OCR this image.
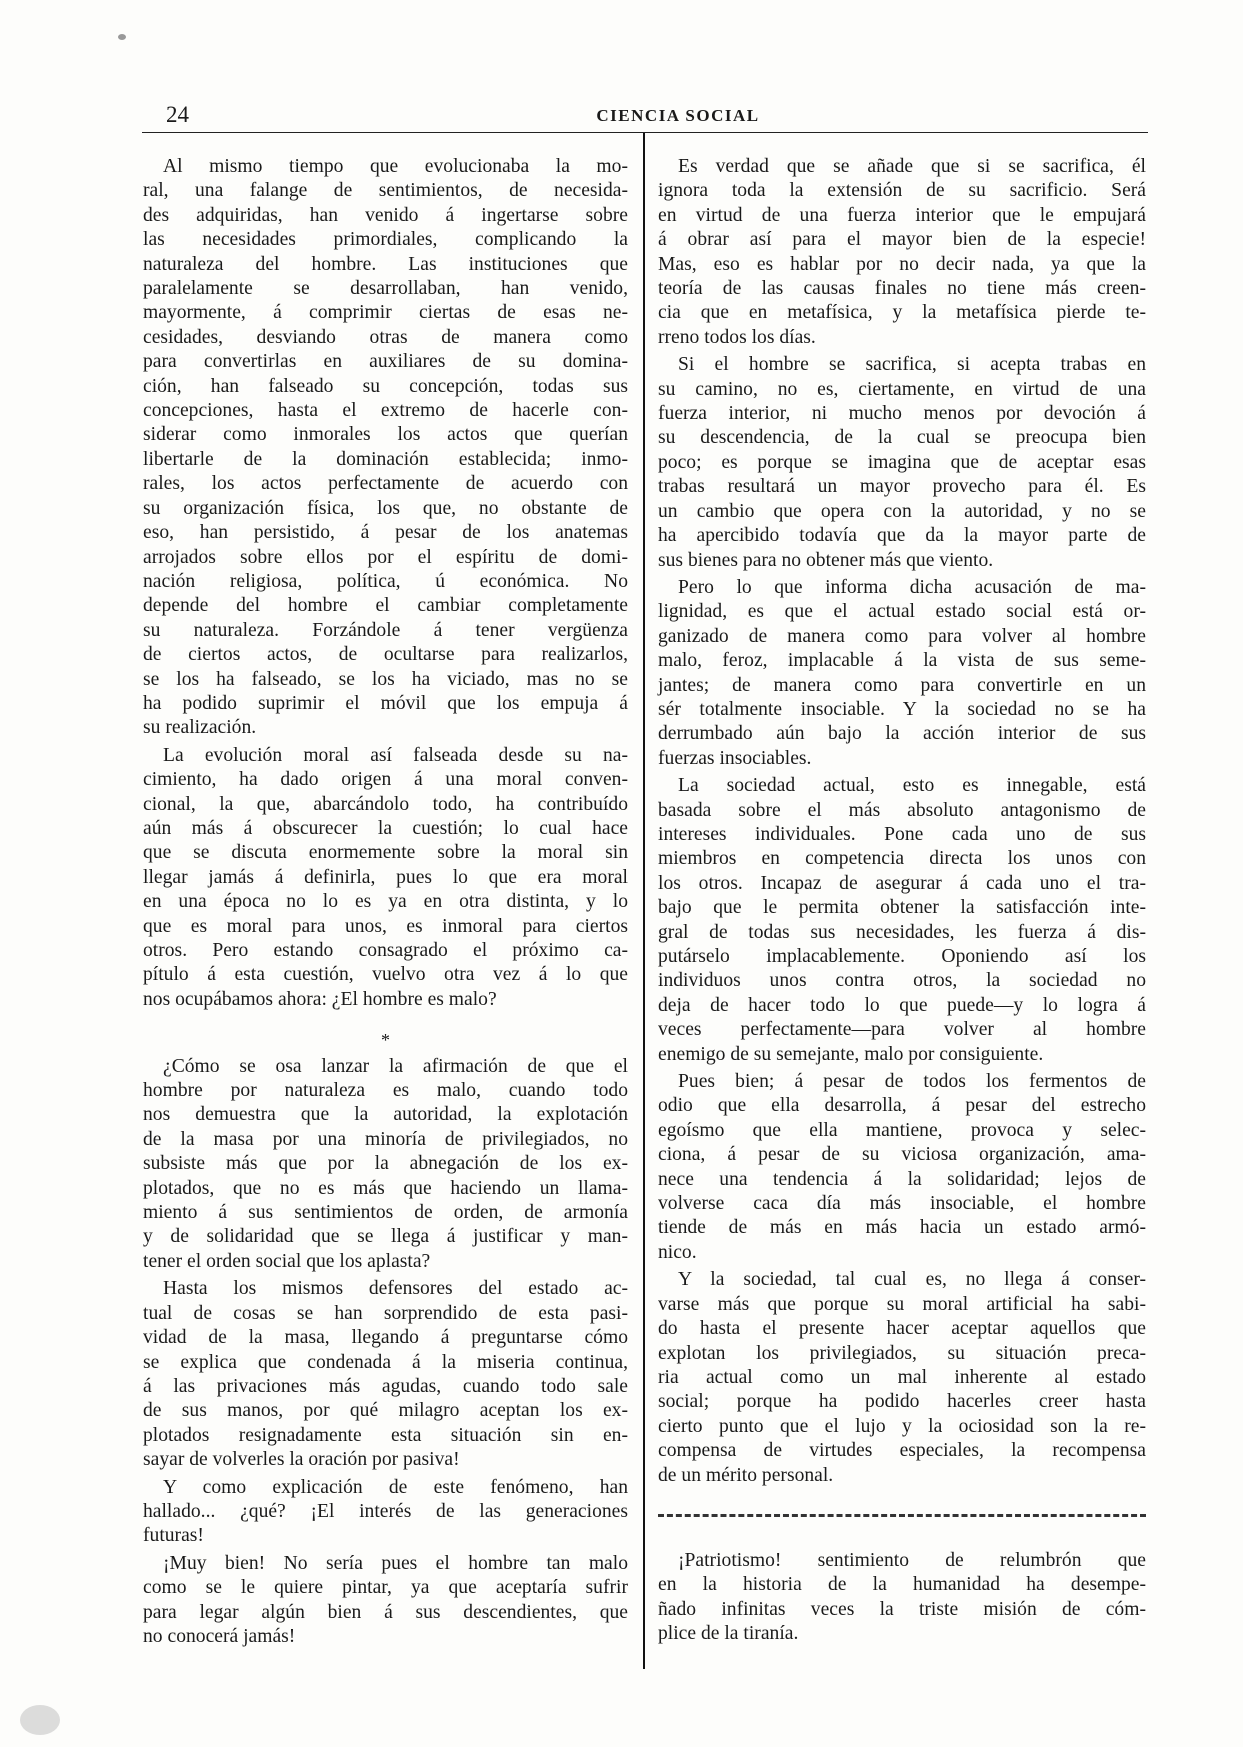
24	CIENCIA SOCIAL

Al mismo tiempo que evolucionaba la mo-
ral, una falange de sentimientos, de necesida-
des adquiridas, han venido á ingertarse sobre
las necesidades primordiales, complicando la
naturaleza del hombre. Las instituciones que
paralelamente se desarrollaban, han venido,
mayormente, á comprimir ciertas de esas ne-
cesidades, desviando otras de manera como
para convertirlas en auxiliares de su domina-
ción, han falseado su concepción, todas sus
concepciones, hasta el extremo de hacerle con-
siderar como inmorales los actos que querían
libertarle de la dominación establecida; inmo-
rales, los actos perfectamente de acuerdo con
su organización física, los que, no obstante de
eso, han persistido, á pesar de los anatemas
arrojados sobre ellos por el espíritu de domi-
nación religiosa, política, ú económica. No
depende del hombre el cambiar completamente
su naturaleza. Forzándole á tener vergüenza
de ciertos actos, de ocultarse para realizarlos,
se los ha falseado, se los ha viciado, mas no se
ha podido suprimir el móvil que los empuja á
su realización.

La evolución moral así falseada desde su na-
cimiento, ha dado origen á una moral conven-
cional, la que, abarcándolo todo, ha contribuído
aún más á obscurecer la cuestión; lo cual hace
que se discuta enormemente sobre la moral sin
llegar jamás á definirla, pues lo que era moral
en una época no lo es ya en otra distinta, y lo
que es moral para unos, es inmoral para ciertos
otros. Pero estando consagrado el próximo ca-
pítulo á esta cuestión, vuelvo otra vez á lo que
nos ocupábamos ahora: ¿El hombre es malo?

*

¿Cómo se osa lanzar la afirmación de que el
hombre por naturaleza es malo, cuando todo
nos demuestra que la autoridad, la explotación
de la masa por una minoría de privilegiados, no
subsiste más que por la abnegación de los ex-
plotados, que no es más que haciendo un llama-
miento á sus sentimientos de orden, de armonía
y de solidaridad que se llega á justificar y man-
tener el orden social que los aplasta?

Hasta los mismos defensores del estado ac-
tual de cosas se han sorprendido de esta pasi-
vidad de la masa, llegando á preguntarse cómo
se explica que condenada á la miseria continua,
á las privaciones más agudas, cuando todo sale
de sus manos, por qué milagro aceptan los ex-
plotados resignadamente esta situación sin en-
sayar de volverles la oración por pasiva!

Y como explicación de este fenómeno, han
hallado... ¿qué? ¡El interés de las generaciones
futuras!

¡Muy bien! No sería pues el hombre tan malo
como se le quiere pintar, ya que aceptaría sufrir
para legar algún bien á sus descendientes, que
no conocerá jamás!

Es verdad que se añade que si se sacrifica, él
ignora toda la extensión de su sacrificio. Será
en virtud de una fuerza interior que le empujará
á obrar así para el mayor bien de la especie!
Mas, eso es hablar por no decir nada, ya que la
teoría de las causas finales no tiene más creen-
cia que en metafísica, y la metafísica pierde te-
rreno todos los días.

Si el hombre se sacrifica, si acepta trabas en
su camino, no es, ciertamente, en virtud de una
fuerza interior, ni mucho menos por devoción á
su descendencia, de la cual se preocupa bien
poco; es porque se imagina que de aceptar esas
trabas resultará un mayor provecho para él. Es
un cambio que opera con la autoridad, y no se
ha apercibido todavía que da la mayor parte de
sus bienes para no obtener más que viento.

Pero lo que informa dicha acusación de ma-
lignidad, es que el actual estado social está or-
ganizado de manera como para volver al hombre
malo, feroz, implacable á la vista de sus seme-
jantes; de manera como para convertirle en un
sér totalmente insociable. Y la sociedad no se ha
derrumbado aún bajo la acción interior de sus
fuerzas insociables.

La sociedad actual, esto es innegable, está
basada sobre el más absoluto antagonismo de
intereses individuales. Pone cada uno de sus
miembros en competencia directa los unos con
los otros. Incapaz de asegurar á cada uno el tra-
bajo que le permita obtener la satisfacción inte-
gral de todas sus necesidades, les fuerza á dis-
putárselo implacablemente. Oponiendo así los
individuos unos contra otros, la sociedad no
deja de hacer todo lo que puede—y lo logra á
veces perfectamente—para volver al hombre
enemigo de su semejante, malo por consiguiente.

Pues bien; á pesar de todos los fermentos de
odio que ella desarrolla, á pesar del estrecho
egoísmo que ella mantiene, provoca y selec-
ciona, á pesar de su viciosa organización, ama-
nece una tendencia á la solidaridad; lejos de
volverse caca día más insociable, el hombre
tiende de más en más hacia un estado armó-
nico.

Y la sociedad, tal cual es, no llega á conser-
varse más que porque su moral artificial ha sabi-
do hasta el presente hacer aceptar aquellos que
explotan los privilegiados, su situación preca-
ria actual como un mal inherente al estado
social; porque ha podido hacerles creer hasta
cierto punto que el lujo y la ociosidad son la re-
compensa de virtudes especiales, la recompensa
de un mérito personal.

¡Patriotismo! sentimiento de relumbrón que
en la historia de la humanidad ha desempe-
ñado infinitas veces la triste misión de cóm-
plice de la tiranía.
